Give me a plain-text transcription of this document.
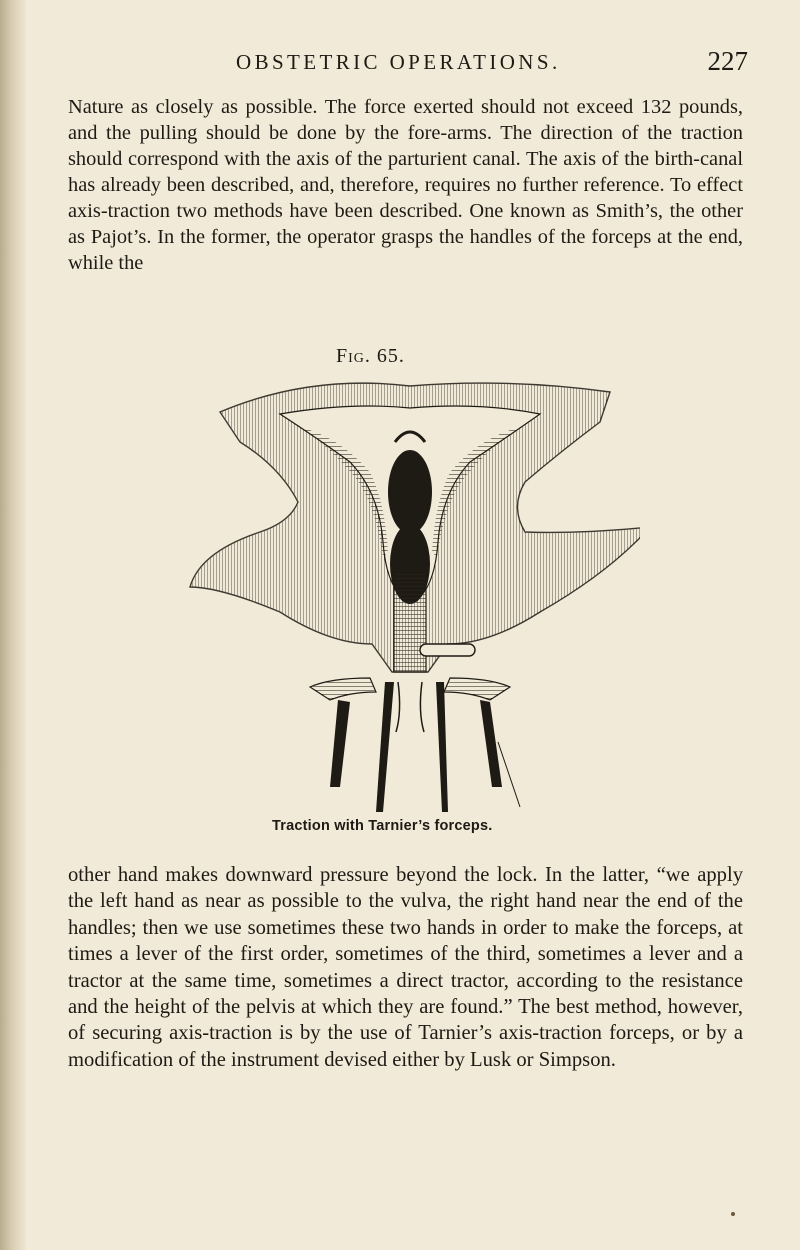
OBSTETRIC OPERATIONS.	227

Nature as closely as possible. The force exerted should not exceed 132 pounds, and the pulling should be done by the fore-arms. The direction of the traction should correspond with the axis of the parturient canal. The axis of the birth-canal has already been described, and, therefore, requires no further reference. To effect axis-traction two methods have been described. One known as Smith’s, the other as Pajot’s. In the former, the operator grasps the handles of the forceps at the end, while the

Fig. 65.
Traction with Tarnier’s forceps.

other hand makes downward pressure beyond the lock. In the latter, “we apply the left hand as near as possible to the vulva, the right hand near the end of the handles; then we use sometimes these two hands in order to make the forceps, at times a lever of the first order, sometimes of the third, sometimes a lever and a tractor at the same time, sometimes a direct tractor, according to the resistance and the height of the pelvis at which they are found.” The best method, however, of securing axis-traction is by the use of Tarnier’s axis-traction forceps, or by a modification of the instrument devised either by Lusk or Simpson.
